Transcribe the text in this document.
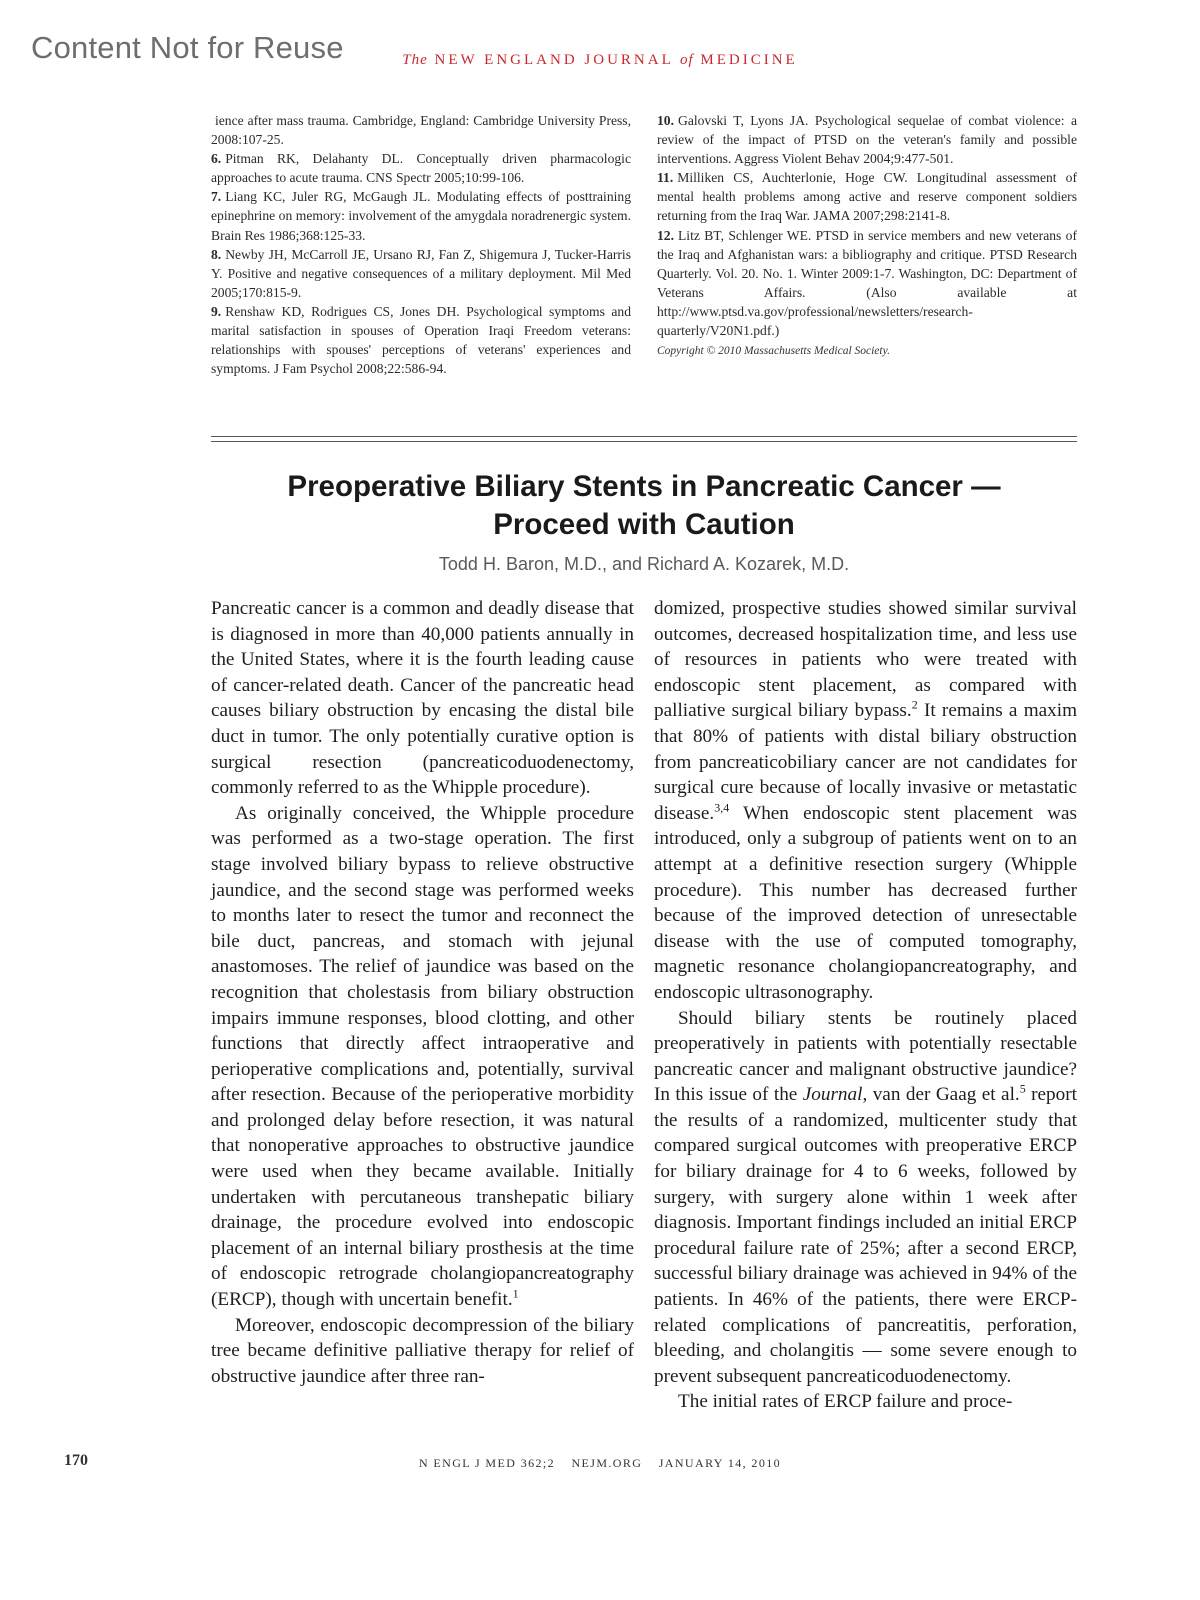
Content Not for Reuse	The NEW ENGLAND JOURNAL of MEDICINE

ience after mass trauma. Cambridge, England: Cambridge University Press, 2008:107-25.

6. Pitman RK, Delahanty DL. Conceptually driven pharmacologic approaches to acute trauma. CNS Spectr 2005;10:99-106.

7. Liang KC, Juler RG, McGaugh JL. Modulating effects of posttraining epinephrine on memory: involvement of the amygdala noradrenergic system. Brain Res 1986;368:125-33.

8. Newby JH, McCarroll JE, Ursano RJ, Fan Z, Shigemura J, Tucker-Harris Y. Positive and negative consequences of a military deployment. Mil Med 2005;170:815-9.

9. Renshaw KD, Rodrigues CS, Jones DH. Psychological symptoms and marital satisfaction in spouses of Operation Iraqi Freedom veterans: relationships with spouses' perceptions of veterans' experiences and symptoms. J Fam Psychol 2008;22:586-94.

10. Galovski T, Lyons JA. Psychological sequelae of combat violence: a review of the impact of PTSD on the veteran's family and possible interventions. Aggress Violent Behav 2004;9:477-501.

11. Milliken CS, Auchterlonie, Hoge CW. Longitudinal assessment of mental health problems among active and reserve component soldiers returning from the Iraq War. JAMA 2007;298:2141-8.

12. Litz BT, Schlenger WE. PTSD in service members and new veterans of the Iraq and Afghanistan wars: a bibliography and critique. PTSD Research Quarterly. Vol. 20. No. 1. Winter 2009:1-7. Washington, DC: Department of Veterans Affairs. (Also available at http://www.ptsd.va.gov/professional/newsletters/research-quarterly/V20N1.pdf.)

Copyright © 2010 Massachusetts Medical Society.

Preoperative Biliary Stents in Pancreatic Cancer —
Proceed with Caution
Todd H. Baron, M.D., and Richard A. Kozarek, M.D.

Pancreatic cancer is a common and deadly disease that is diagnosed in more than 40,000 patients annually in the United States, where it is the fourth leading cause of cancer-related death. Cancer of the pancreatic head causes biliary obstruction by encasing the distal bile duct in tumor. The only potentially curative option is surgical resection (pancreaticoduodenectomy, commonly referred to as the Whipple procedure).

As originally conceived, the Whipple procedure was performed as a two-stage operation. The first stage involved biliary bypass to relieve obstructive jaundice, and the second stage was performed weeks to months later to resect the tumor and reconnect the bile duct, pancreas, and stomach with jejunal anastomoses. The relief of jaundice was based on the recognition that cholestasis from biliary obstruction impairs immune responses, blood clotting, and other functions that directly affect intraoperative and perioperative complications and, potentially, survival after resection. Because of the perioperative morbidity and prolonged delay before resection, it was natural that nonoperative approaches to obstructive jaundice were used when they became available. Initially undertaken with percutaneous transhepatic biliary drainage, the procedure evolved into endoscopic placement of an internal biliary prosthesis at the time of endoscopic retrograde cholangiopancreatography (ERCP), though with uncertain benefit.$^1$

Moreover, endoscopic decompression of the biliary tree became definitive palliative therapy for relief of obstructive jaundice after three ran-

domized, prospective studies showed similar survival outcomes, decreased hospitalization time, and less use of resources in patients who were treated with endoscopic stent placement, as compared with palliative surgical biliary bypass.$^2$ It remains a maxim that 80% of patients with distal biliary obstruction from pancreaticobiliary cancer are not candidates for surgical cure because of locally invasive or metastatic disease.$^{3,4}$ When endoscopic stent placement was introduced, only a subgroup of patients went on to an attempt at a definitive resection surgery (Whipple procedure). This number has decreased further because of the improved detection of unresectable disease with the use of computed tomography, magnetic resonance cholangiopancreatography, and endoscopic ultrasonography.

Should biliary stents be routinely placed preoperatively in patients with potentially resectable pancreatic cancer and malignant obstructive jaundice? In this issue of the Journal, van der Gaag et al.$^5$ report the results of a randomized, multicenter study that compared surgical outcomes with preoperative ERCP for biliary drainage for 4 to 6 weeks, followed by surgery, with surgery alone within 1 week after diagnosis. Important findings included an initial ERCP procedural failure rate of 25%; after a second ERCP, successful biliary drainage was achieved in 94% of the patients. In 46% of the patients, there were ERCP-related complications of pancreatitis, perforation, bleeding, and cholangitis — some severe enough to prevent subsequent pancreaticoduodenectomy.

The initial rates of ERCP failure and proce-

170	N ENGL J MED 362;2 NEJM.ORG JANUARY 14, 2010
